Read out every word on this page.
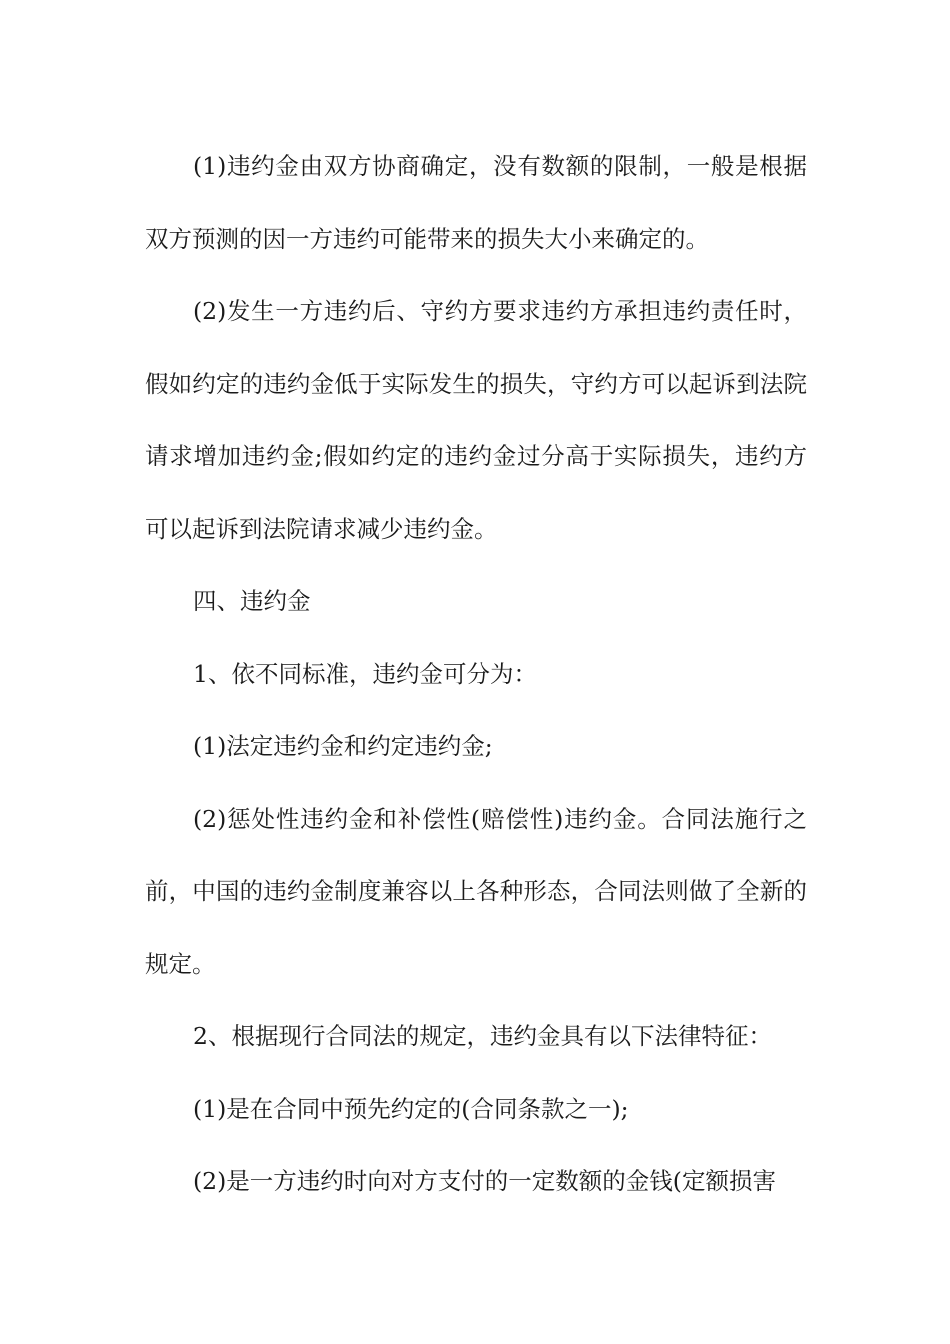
(1)违约金由双方协商确定，没有数额的限制，一般是根据双方预测的因一方违约可能带来的损失大小来确定的。

(2)发生一方违约后、守约方要求违约方承担违约责任时，假如约定的违约金低于实际发生的损失，守约方可以起诉到法院请求增加违约金;假如约定的违约金过分高于实际损失，违约方可以起诉到法院请求减少违约金。

四、违约金

1、依不同标准，违约金可分为：

(1)法定违约金和约定违约金;

(2)惩处性违约金和补偿性(赔偿性)违约金。合同法施行之前，中国的违约金制度兼容以上各种形态，合同法则做了全新的规定。

2、根据现行合同法的规定，违约金具有以下法律特征：

(1)是在合同中预先约定的(合同条款之一);

(2)是一方违约时向对方支付的一定数额的金钱(定额损害
